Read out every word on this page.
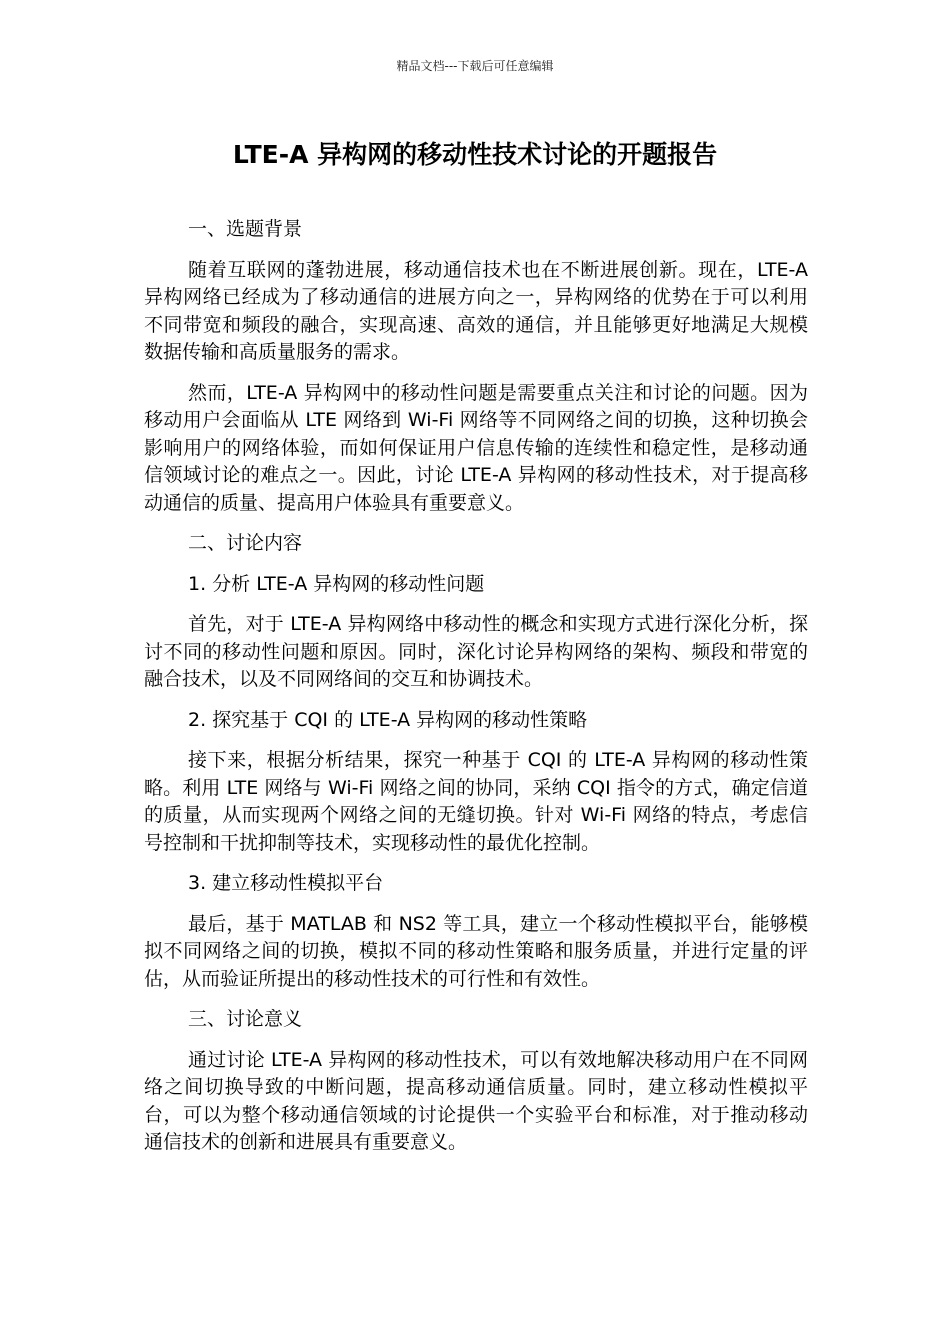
精品文档---下载后可任意编辑
LTE-A 异构网的移动性技术讨论的开题报告
一、选题背景

随着互联网的蓬勃进展，移动通信技术也在不断进展创新。现在，LTE-A 异构网络已经成为了移动通信的进展方向之一，异构网络的优势在于可以利用不同带宽和频段的融合，实现高速、高效的通信，并且能够更好地满足大规模数据传输和高质量服务的需求。

然而，LTE-A 异构网中的移动性问题是需要重点关注和讨论的问题。因为移动用户会面临从 LTE 网络到 Wi-Fi 网络等不同网络之间的切换，这种切换会影响用户的网络体验，而如何保证用户信息传输的连续性和稳定性，是移动通信领域讨论的难点之一。因此，讨论 LTE-A 异构网的移动性技术，对于提高移动通信的质量、提高用户体验具有重要意义。

二、讨论内容
1. 分析 LTE-A 异构网的移动性问题

首先，对于 LTE-A 异构网络中移动性的概念和实现方式进行深化分析，探讨不同的移动性问题和原因。同时，深化讨论异构网络的架构、频段和带宽的融合技术，以及不同网络间的交互和协调技术。

2. 探究基于 CQI 的 LTE-A 异构网的移动性策略

接下来，根据分析结果，探究一种基于 CQI 的 LTE-A 异构网的移动性策略。利用 LTE 网络与 Wi-Fi 网络之间的协同，采纳 CQI 指令的方式，确定信道的质量，从而实现两个网络之间的无缝切换。针对 Wi-Fi 网络的特点，考虑信号控制和干扰抑制等技术，实现移动性的最优化控制。

3. 建立移动性模拟平台

最后，基于 MATLAB 和 NS2 等工具，建立一个移动性模拟平台，能够模拟不同网络之间的切换，模拟不同的移动性策略和服务质量，并进行定量的评估，从而验证所提出的移动性技术的可行性和有效性。

三、讨论意义

通过讨论 LTE-A 异构网的移动性技术，可以有效地解决移动用户在不同网络之间切换导致的中断问题，提高移动通信质量。同时，建立移动性模拟平台，可以为整个移动通信领域的讨论提供一个实验平台和标准，对于推动移动通信技术的创新和进展具有重要意义。
